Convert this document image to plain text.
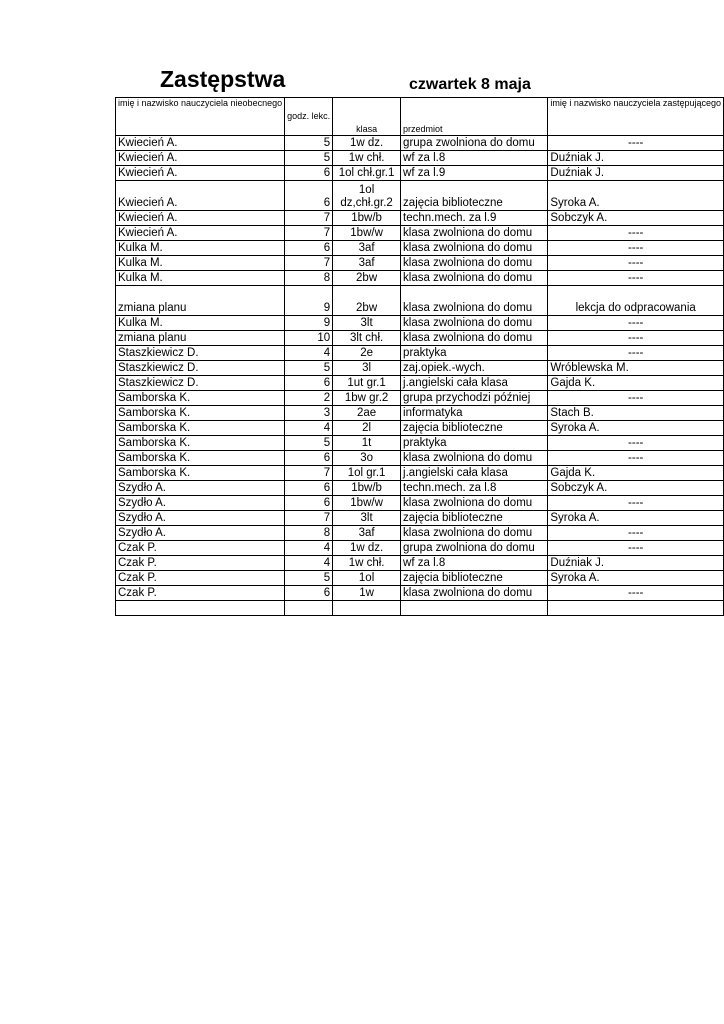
Zastępstwa	czwartek 8 maja
imię i nazwisko nauczyciela nieobecnego	godz. lekc.	klasa	przedmiot	imię i nazwisko nauczyciela zastępującego
Kwiecień A.	5	1w dz.	grupa zwolniona do domu	----
Kwiecień A.	5	1w chł.	wf za l.8	Duźniak J.
Kwiecień A.	6	1ol chł.gr.1	wf za l.9	Duźniak J.
Kwiecień A.	6	1ol dz,chł.gr.2	zajęcia biblioteczne	Syroka A.
Kwiecień A.	7	1bw/b	techn.mech. za l.9	Sobczyk A.
Kwiecień A.	7	1bw/w	klasa zwolniona do domu	----
Kulka M.	6	3af	klasa zwolniona do domu	----
Kulka M.	7	3af	klasa zwolniona do domu	----
Kulka M.	8	2bw	klasa zwolniona do domu	----
zmiana planu	9	2bw	klasa zwolniona do domu	lekcja do odpracowania
Kulka M.	9	3lt	klasa zwolniona do domu	----
zmiana planu	10	3lt chł.	klasa zwolniona do domu	----
Staszkiewicz D.	4	2e	praktyka	----
Staszkiewicz D.	5	3l	zaj.opiek.-wych.	Wróblewska M.
Staszkiewicz D.	6	1ut gr.1	j.angielski cała klasa	Gajda K.
Samborska K.	2	1bw gr.2	grupa przychodzi później	----
Samborska K.	3	2ae	informatyka	Stach B.
Samborska K.	4	2l	zajęcia biblioteczne	Syroka A.
Samborska K.	5	1t	praktyka	----
Samborska K.	6	3o	klasa zwolniona do domu	----
Samborska K.	7	1ol gr.1	j.angielski cała klasa	Gajda K.
Szydło A.	6	1bw/b	techn.mech. za l.8	Sobczyk A.
Szydło A.	6	1bw/w	klasa zwolniona do domu	----
Szydło A.	7	3lt	zajęcia biblioteczne	Syroka A.
Szydło A.	8	3af	klasa zwolniona do domu	----
Czak P.	4	1w dz.	grupa zwolniona do domu	----
Czak P.	4	1w chł.	wf za l.8	Duźniak J.
Czak P.	5	1ol	zajęcia biblioteczne	Syroka A.
Czak P.	6	1w	klasa zwolniona do domu	----
